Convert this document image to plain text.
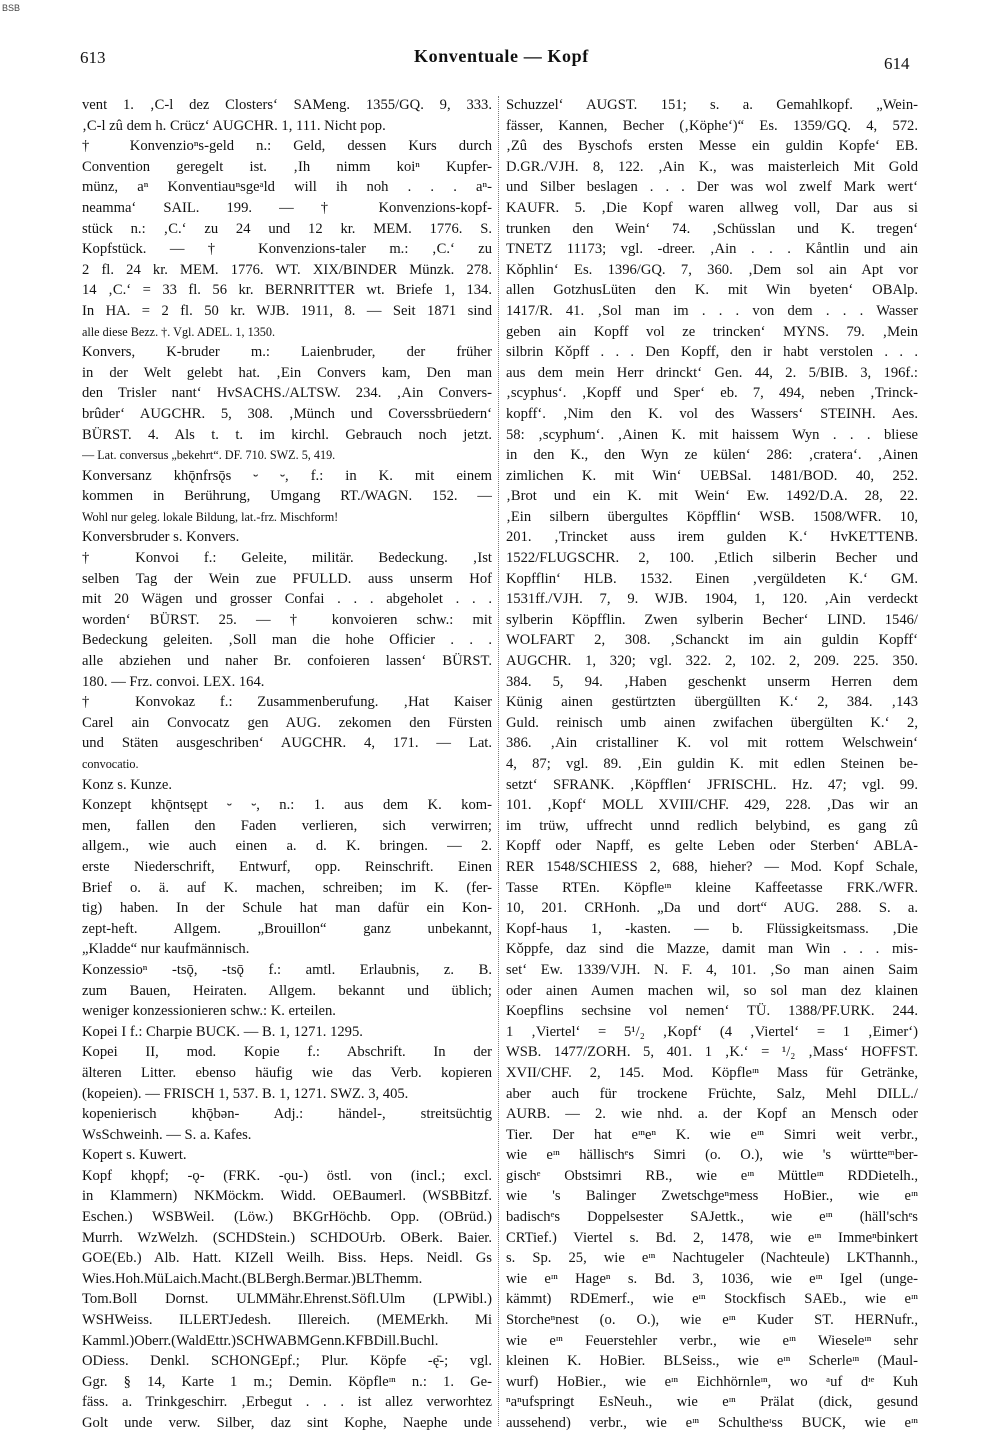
BSB
613	Konventuale — Kopf	614
vent 1. ‚C-l dez Closters‘ SAMeng. 1355/GQ. 9, 333.
‚C-l zû dem h. Crücz‘ AUGCHR. 1, 111. Nicht pop.
† Konvenzioⁿs-geld n.: Geld, dessen Kurs durch
Convention geregelt ist. ‚Ih nimm koiⁿ Kupfer-
münz, aⁿ Konventiauⁿsgeᵃld will ih noh . . . aⁿ-
neamma‘ SAIL. 199. — † Konvenzions-kopf-
stück n.: ‚C.‘ zu 24 und 12 kr. MEM. 1776. S.
Kopfstück. — † Konvenzions-taler m.: ‚C.‘ zu
2 fl. 24 kr. MEM. 1776. WT. XIX/BINDER Münzk. 278.
14 ‚C.‘ = 33 fl. 56 kr. BERNRITTER wt. Briefe 1, 134.
In HA. = 2 fl. 50 kr. WJB. 1911, 8. — Seit 1871 sind
alle diese Bezz. †. Vgl. ADEL. 1, 1350.
Konvers, K-bruder m.: Laienbruder, der früher
in der Welt gelebt hat. ‚Ein Convers kam, Den man
den Trisler nant‘ HvSACHS./ALTSW. 234. ‚Ain Convers-
brûder‘ AUGCHR. 5, 308. ‚Münch und Coverssbrüedern‘
BÜRST. 4. Als t. t. im kirchl. Gebrauch noch jetzt.
— Lat. conversus „bekehrt“. DF. 710. SWZ. 5, 419.
Konversanz khǭnfrsǭs ⏑ ⏑, f.: in K. mit einem
kommen in Berührung, Umgang RT./WAGN. 152. —
Wohl nur geleg. lokale Bildung, lat.-frz. Mischform!
Konversbruder s. Konvers.
† Konvoi f.: Geleite, militär. Bedeckung. ‚Ist
selben Tag der Wein zue PFULLD. auss unserm Hof
mit 20 Wägen und grosser Confai . . . abgeholet . . .
worden‘ BÜRST. 25. — † konvoieren schw.: mit
Bedeckung geleiten. ‚Soll man die hohe Officier . . .
alle abziehen und naher Br. confoieren lassen‘ BÜRST.
180. — Frz. convoi. LEX. 164.
† Konvokaz f.: Zusammenberufung. ‚Hat Kaiser
Carel ain Convocatz gen AUG. zekomen den Fürsten
und Stäten ausgeschriben‘ AUGCHR. 4, 171. — Lat.
convocatio.
Konz s. Kunze.
Konzept khǭntsępt ⏑ ⏑, n.: 1. aus dem K. kom-
men, fallen den Faden verlieren, sich verwirren;
allgem., wie auch einen a. d. K. bringen. — 2.
erste Niederschrift, Entwurf, opp. Reinschrift. Einen
Brief o. ä. auf K. machen, schreiben; im K. (fer-
tig) haben. In der Schule hat man dafür ein Kon-
zept-heft. Allgem. „Brouillon“ ganz unbekannt,
„Kladde“ nur kaufmännisch.
Konzessioⁿ -tsǭ, -tsǭ f.: amtl. Erlaubnis, z. B.
zum Bauen, Heiraten. Allgem. bekannt und üblich;
weniger konzessionieren schw.: K. erteilen.
Kopei I f.: Charpie BUCK. — B. 1, 1271. 1295.
Kopei II, mod. Kopie f.: Abschrift. In der
älteren Litter. ebenso häufig wie das Verb. kopieren
(kopeien). — FRISCH 1, 537. B. 1, 1271. SWZ. 3, 405.
kopenierisch khǭbən- Adj.: händel-, streitsüchtig
WsSchweinh. — S. a. Kafes.
Kopert s. Kuwert.
Kopf khǫpf; -ǫ- (FRK. -ǫu-) östl. von (incl.; excl.
in Klammern) NKMöckm. Widd. OEBaumerl. (WSBBitzf.
Eschen.) WSBWeil. (Löw.) BKGrHöchb. Opp. (OBrüd.)
Murrh. WzWelzh. (SCHDStein.) SCHDOUrb. OBerk. Baier.
GOE(Eb.) Alb. Hatt. KIZell Weilh. Biss. Heps. Neidl. Gs
Wies.Hoh.MüLaich.Macht.(BLBergh.Bermar.)BLThemm.
Tom.Boll Dornst. ULMMähr.Ehrenst.Söfl.Ulm (LPWibl.)
WSHWeiss. ILLERTJedesh. Illereich. (MEMErkh. Mi
Kamml.)Oberr.(WaldEttr.)SCHWABMGenn.KFBDill.Buchl.
ODiess. Denkl. SCHONGEpf.; Plur. Köpfe -ę̄-; vgl.
Ggr. § 14, Karte 1 m.; Demin. Köpfleᶦⁿ n.: 1. Ge-
fäss. a. Trinkgeschirr. ‚Erbegut . . . ist allez verworhtez
Golt unde verw. Silber, daz sint Kophe, Naephe unde
Schuzzel‘ AUGST. 151; s. a. Gemahlkopf. „Wein-
fässer, Kannen, Becher (‚Köphe‘)“ Es. 1359/GQ. 4, 572.
‚Zû des Byschofs ersten Messe ein guldin Kopfe‘ EB.
D.GR./VJH. 8, 122. ‚Ain K., was maisterleich Mit Gold
und Silber beslagen . . . Der was wol zwelf Mark wert‘
KAUFR. 5. ‚Die Kopf waren allweg voll, Dar aus si
trunken den Wein‘ 74. ‚Schüsslan und K. tregen‘
TNETZ 11173; vgl. -dreer. ‚Ain . . . Kåntlin und ain
Kǒphlin‘ Es. 1396/GQ. 7, 360. ‚Dem sol ain Apt vor
allen GotzhusLüten den K. mit Win byeten‘ OBAlp.
1417/R. 41. ‚Sol man im . . . von dem . . . Wasser
geben ain Kopff vol ze trincken‘ MYNS. 79. ‚Mein
silbrin Kǒpff . . . Den Kopff, den ir habt verstolen . . .
aus dem mein Herr drinckt‘ Gen. 44, 2. 5/BIB. 3, 196f.:
‚scyphus‘. ‚Kopff und Sper‘ eb. 7, 494, neben ‚Trinck-
kopff‘. ‚Nim den K. vol des Wassers‘ STEINH. Aes.
58: ‚scyphum‘. ‚Ainen K. mit haissem Wyn . . . bliese
in den K., den Wyn ze külen‘ 286: ‚cratera‘. ‚Ainen
zimlichen K. mit Win‘ UEBSal. 1481/BOD. 40, 252.
‚Brot und ein K. mit Wein‘ Ew. 1492/D.A. 28, 22.
‚Ein silbern übergultes Köpfflin‘ WSB. 1508/WFR. 10,
201. ‚Trincket auss irem gulden K.‘ HvKETTENB.
1522/FLUGSCHR. 2, 100. ‚Etlich silberin Becher und
Kopfflin‘ HLB. 1532. Einen ‚vergüldeten K.‘ GM.
1531ff./VJH. 7, 9. WJB. 1904, 1, 120. ‚Ain verdeckt
sylberin Köpfflin. Zwen sylberin Becher‘ LIND. 1546/
WOLFART 2, 308. ‚Schanckt im ain guldin Kopff‘
AUGCHR. 1, 320; vgl. 322. 2, 102. 2, 209. 225. 350.
384. 5, 94. ‚Haben geschenkt unserm Herren dem
Künig ainen gestürtzten übergüllten K.‘ 2, 384. ‚143
Guld. reinisch umb ainen zwifachen übergülten K.‘ 2,
386. ‚Ain cristalliner K. vol mit rottem Welschwein‘
4, 87; vgl. 89. ‚Ein guldin K. mit edlen Steinen be-
setzt‘ SFRANK. ‚Köpfflen‘ JFRISCHL. Hz. 47; vgl. 99.
101. ‚Kopf‘ MOLL XVIII/CHF. 429, 228. ‚Das wir an
im trüw, uffrecht unnd redlich belybind, es gang zû
Kopff oder Napff, es gelte Leben oder Sterben‘ ABLA-
RER 1548/SCHIESS 2, 688, hieher? — Mod. Kopf Schale,
Tasse RTEn. Köpfleᶦⁿ kleine Kaffeetasse FRK./WFR.
10, 201. CRHonh. „Da und dort“ AUG. 288. S. a.
Kopf-haus 1, -kasten. — b. Flüssigkeitsmass. ‚Die
Kǒppfe, daz sind die Mazze, damit man Win . . . mis-
set‘ Ew. 1339/VJH. N. F. 4, 101. ‚So man ainen Saim
oder ainen Aumen machen wil, so sol man dez klainen
Koepflins sechsine vol nemen‘ TÜ. 1388/PF.URK. 244.
1 ‚Viertel‘ = 5¹/₂ ‚Kopf‘ (4 ‚Viertel‘ = 1 ‚Eimer‘)
WSB. 1477/ZORH. 5, 401. 1 ‚K.‘ = ¹/₂ ‚Mass‘ HOFFST.
XVII/CHF. 2, 145. Mod. Köpfleᶦⁿ Mass für Getränke,
aber auch für trockene Früchte, Salz, Mehl DILL./
AURB. — 2. wie nhd. a. der Kopf an Mensch oder
Tier. Der hat eᶦⁿeⁿ K. wie eᶦⁿ Simri weit verbr.,
wie eᶦⁿ hällischᵉs Simri (o. O.), wie 's württeᵐber-
gischᵉ Obstsimri RB., wie eᶦⁿ Müttleᶦⁿ RDDietelh.,
wie 's Balinger Zwetschgeⁿmess HoBier., wie eᶦⁿ
badischᵉs Doppelsester SAJettk., wie eᶦⁿ (häll'schᵉs
CRTief.) Viertel s. Bd. 2, 1478, wie eᶦⁿ Immeⁿbinkert
s. Sp. 25, wie eᶦⁿ Nachtugeler (Nachteule) LKThannh.,
wie eᶦⁿ Hageⁿ s. Bd. 3, 1036, wie eᶦⁿ Igel (unge-
kämmt) RDEmerf., wie eᶦⁿ Stockfisch SAEb., wie eᶦⁿ
Storcheⁿnest (o. O.), wie eᶦⁿ Kuder ST. HERNufr.,
wie eᶦⁿ Feuerstehler verbr., wie eᶦⁿ Wieseleᶦⁿ sehr
kleinen K. HoBier. BLSeiss., wie eᶦⁿ Scherleᶦⁿ (Maul-
wurf) HoBier., wie eᶦⁿ Eichhörnleᶦⁿ, wo ᵃuf dᶦᵉ Kuh
ⁿaⁿufspringt EsNeuh., wie eᶦⁿ Prälat (dick, gesund
aussehend) verbr., wie eᶦⁿ Schultheᶦss BUCK, wie eᶦⁿ
